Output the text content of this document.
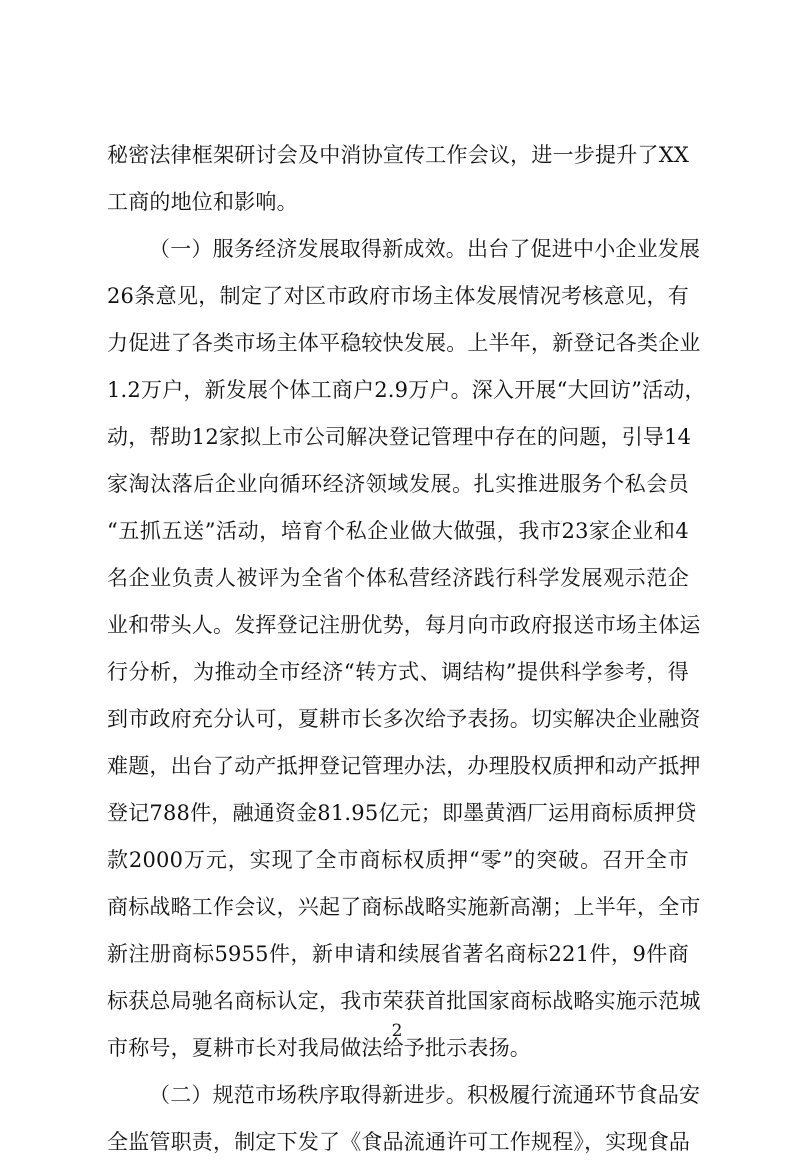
秘密法律框架研讨会及中消协宣传工作会议，进一步提升了XX
工商的地位和影响。
（一）服务经济发展取得新成效。出台了促进中小企业发展
26条意见，制定了对区市政府市场主体发展情况考核意见，有
力促进了各类市场主体平稳较快发展。上半年，新登记各类企业
1.2万户，新发展个体工商户2.9万户。深入开展“大回访”活动，
动，帮助12家拟上市公司解决登记管理中存在的问题，引导14
家淘汰落后企业向循环经济领域发展。扎实推进服务个私会员
“五抓五送”活动，培育个私企业做大做强，我市23家企业和4
名企业负责人被评为全省个体私营经济践行科学发展观示范企
业和带头人。发挥登记注册优势，每月向市政府报送市场主体运
行分析，为推动全市经济“转方式、调结构”提供科学参考，得
到市政府充分认可，夏耕市长多次给予表扬。切实解决企业融资
难题，出台了动产抵押登记管理办法，办理股权质押和动产抵押
登记788件，融通资金81.95亿元；即墨黄酒厂运用商标质押贷
款2000万元，实现了全市商标权质押“零”的突破。召开全市
商标战略工作会议，兴起了商标战略实施新高潮；上半年，全市
新注册商标5955件，新申请和续展省著名商标221件，9件商
标获总局驰名商标认定，我市荣获首批国家商标战略实施示范城
市称号，夏耕市长对我局做法给予批示表扬。
（二）规范市场秩序取得新进步。积极履行流通环节食品安
全监管职责，制定下发了《食品流通许可工作规程》，实现食品
2
